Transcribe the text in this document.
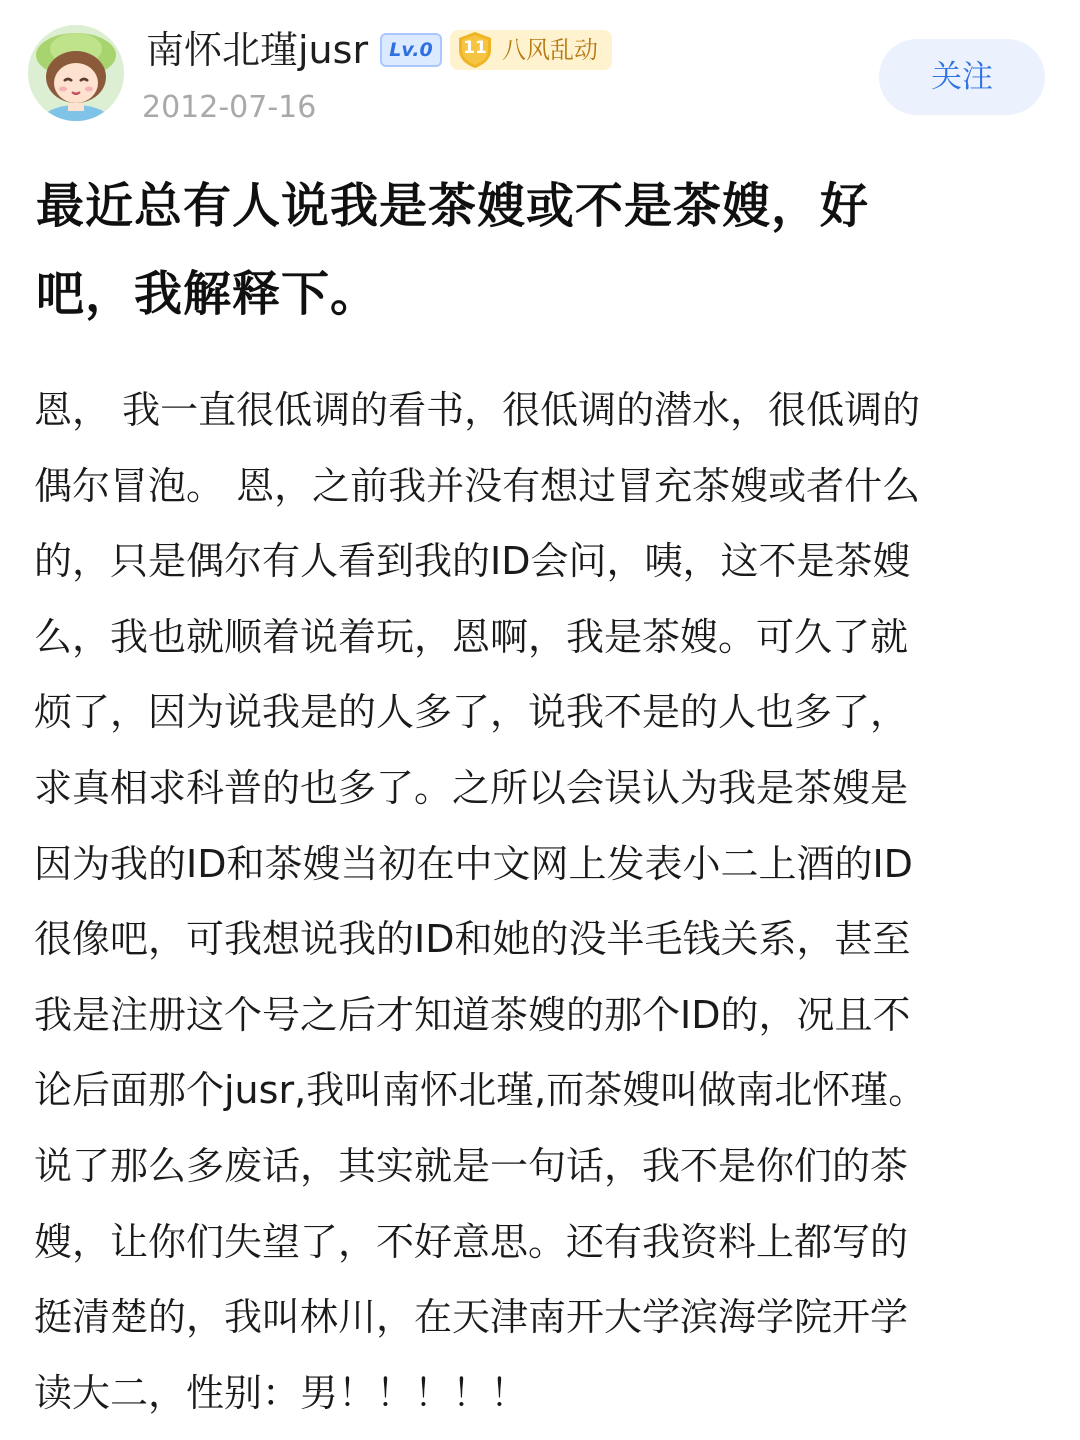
南怀北瑾jusr	Lv.0	11 八风乱动
2012-07-16
关注
最近总有人说我是茶嫂或不是茶嫂，好
吧，我解释下。
恩， 我一直很低调的看书，很低调的潜水，很低调的
偶尔冒泡。 恩，之前我并没有想过冒充茶嫂或者什么
的，只是偶尔有人看到我的ID会问，咦，这不是茶嫂
么，我也就顺着说着玩，恩啊，我是茶嫂。可久了就
烦了，因为说我是的人多了，说我不是的人也多了，
求真相求科普的也多了。之所以会误认为我是茶嫂是
因为我的ID和茶嫂当初在中文网上发表小二上酒的ID
很像吧，可我想说我的ID和她的没半毛钱关系，甚至
我是注册这个号之后才知道茶嫂的那个ID的，况且不
论后面那个jusr,我叫南怀北瑾,而茶嫂叫做南北怀瑾。
说了那么多废话，其实就是一句话，我不是你们的茶
嫂，让你们失望了，不好意思。还有我资料上都写的
挺清楚的，我叫林川，在天津南开大学滨海学院开学
读大二，性别：男！！！！！
